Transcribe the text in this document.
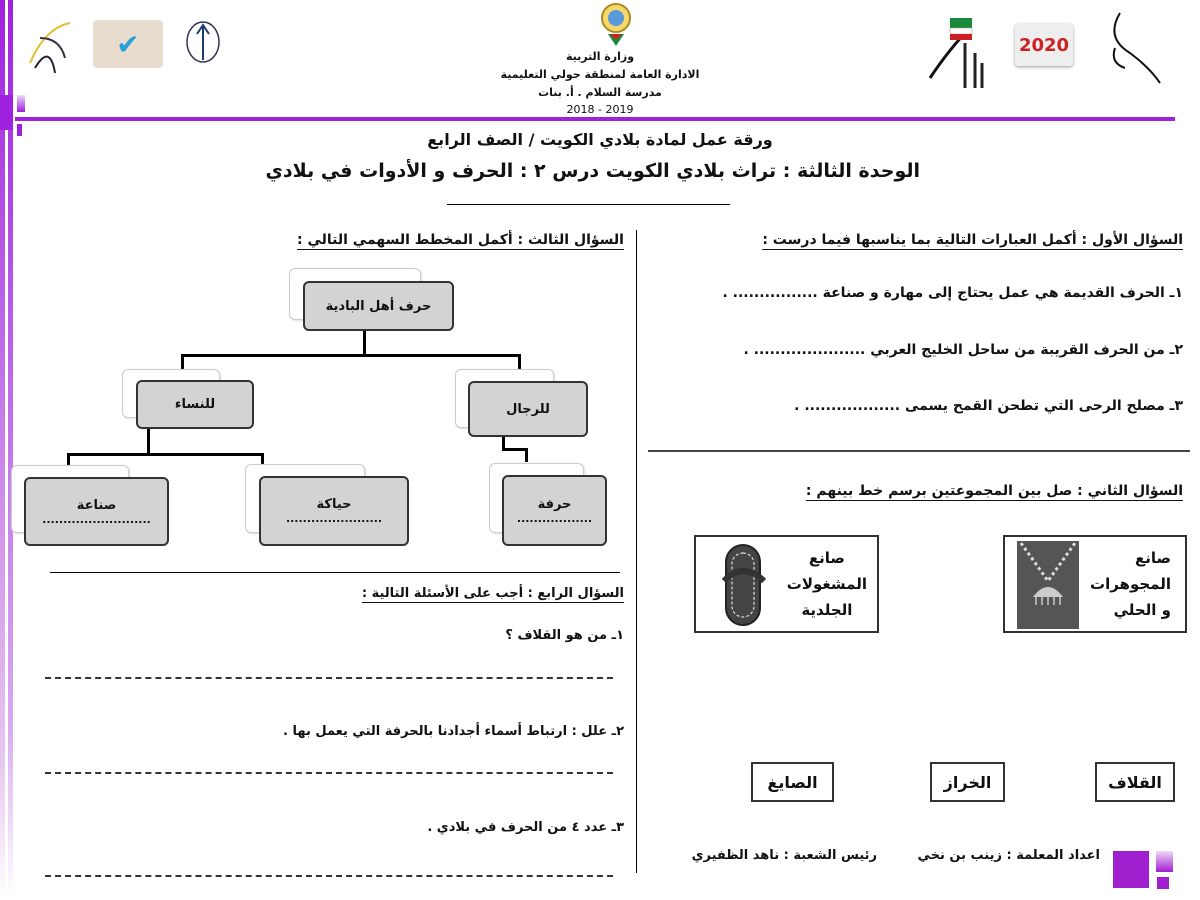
✔	2020
وزارة التربية
الادارة العامة لمنطقة حولي التعليمية
مدرسة السلام . أ. بنات
2018 - 2019
ورقة عمل لمادة بلادي الكويت / الصف الرابع
الوحدة الثالثة : تراث بلادي الكويت درس ٢ : الحرف و الأدوات في بلادي
السؤال الأول : أكمل العبارات التالية بما يناسبها فيما درست :
١ـ الحرف القديمة هي عمل يحتاج إلى مهارة و صناعة ................ .
٢ـ من الحرف القريبة من ساحل الخليج العربي ..................... .
٣ـ مصلح الرحى التي تطحن القمح يسمى .................. .
السؤال الثاني : صل بين المجموعتين برسم خط بينهم :
صانع
المجوهرات
و الحلي
صانع
المشغولات
الجلدية
القلاف
الخراز
الصايغ
اعداد المعلمة : زينب بن نخي
رئيس الشعبة : ناهد الظفيري
السؤال الثالث : أكمل المخطط السهمي التالي :
حرف أهل البادية
للنساء	للرجال
صناعة
..........................
حياكة
.......................
حرفة
..................
السؤال الرابع : أجب على الأسئلة التالية :
١ـ من هو القلاف ؟
٢ـ علل : ارتباط أسماء أجدادنا بالحرفة التي يعمل بها .
٣ـ عدد ٤ من الحرف في بلادي .
